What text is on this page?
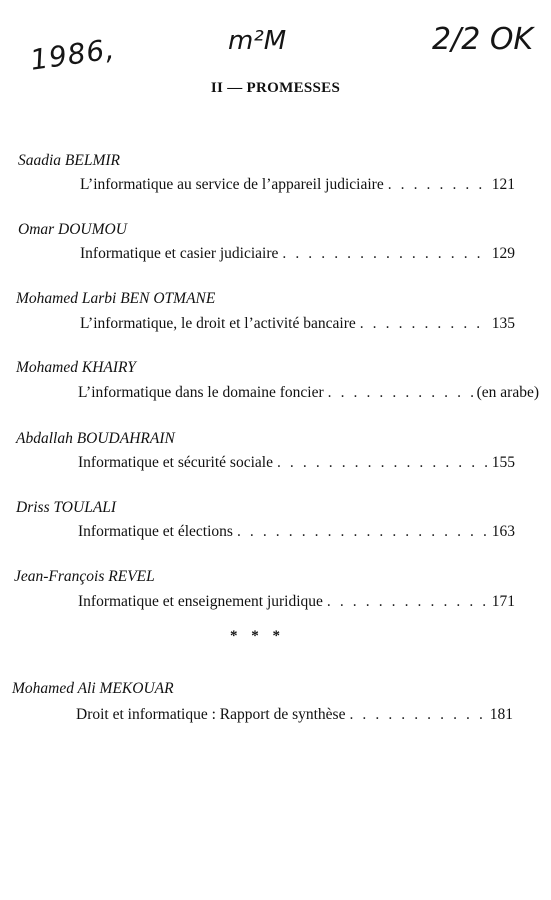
1986,	m²M	2/2 OK
II — PROMESSES
Saadia BELMIR
L’informatique au service de l’appareil judiciaire . . .	121
Omar DOUMOU
Informatique et casier judiciaire . . .	129
Mohamed Larbi BEN OTMANE
L’informatique, le droit et l’activité bancaire . . .	135
Mohamed KHAIRY
L’informatique dans le domaine foncier . . .	(en arabe)
Abdallah BOUDAHRAIN
Informatique et sécurité sociale . . .	155
Driss TOULALI
Informatique et élections . . .	163
Jean-François REVEL
Informatique et enseignement juridique . . .	171
* * *
Mohamed Ali MEKOUAR
Droit et informatique : Rapport de synthèse . . .	181
